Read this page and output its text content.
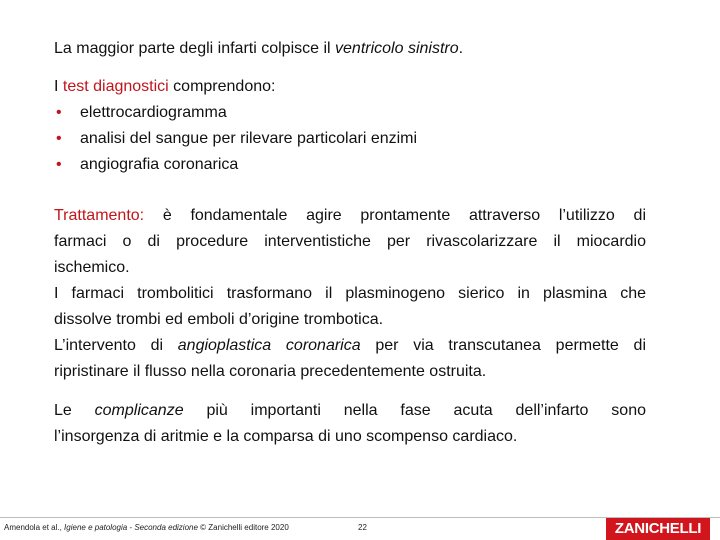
La maggior parte degli infarti colpisce il ventricolo sinistro.

I test diagnostici comprendono:

• elettrocardiogramma
• analisi del sangue per rilevare particolari enzimi
• angiografia coronarica

Trattamento: è fondamentale agire prontamente attraverso l’utilizzo di

farmaci o di procedure interventistiche per rivascolarizzare il miocardio

ischemico.

I farmaci trombolitici trasformano il plasminogeno sierico in plasmina che

dissolve trombi ed emboli d’origine trombotica.

L’intervento di angioplastica coronarica per via transcutanea permette di

ripristinare il flusso nella coronaria precedentemente ostruita.

Le complicanze più importanti nella fase acuta dell’infarto sono

l’insorgenza di aritmie e la comparsa di uno scompenso cardiaco.

Amendola et al., Igiene e patologia - Seconda edizione © Zanichelli editore 2020	22	ZANICHELLI
